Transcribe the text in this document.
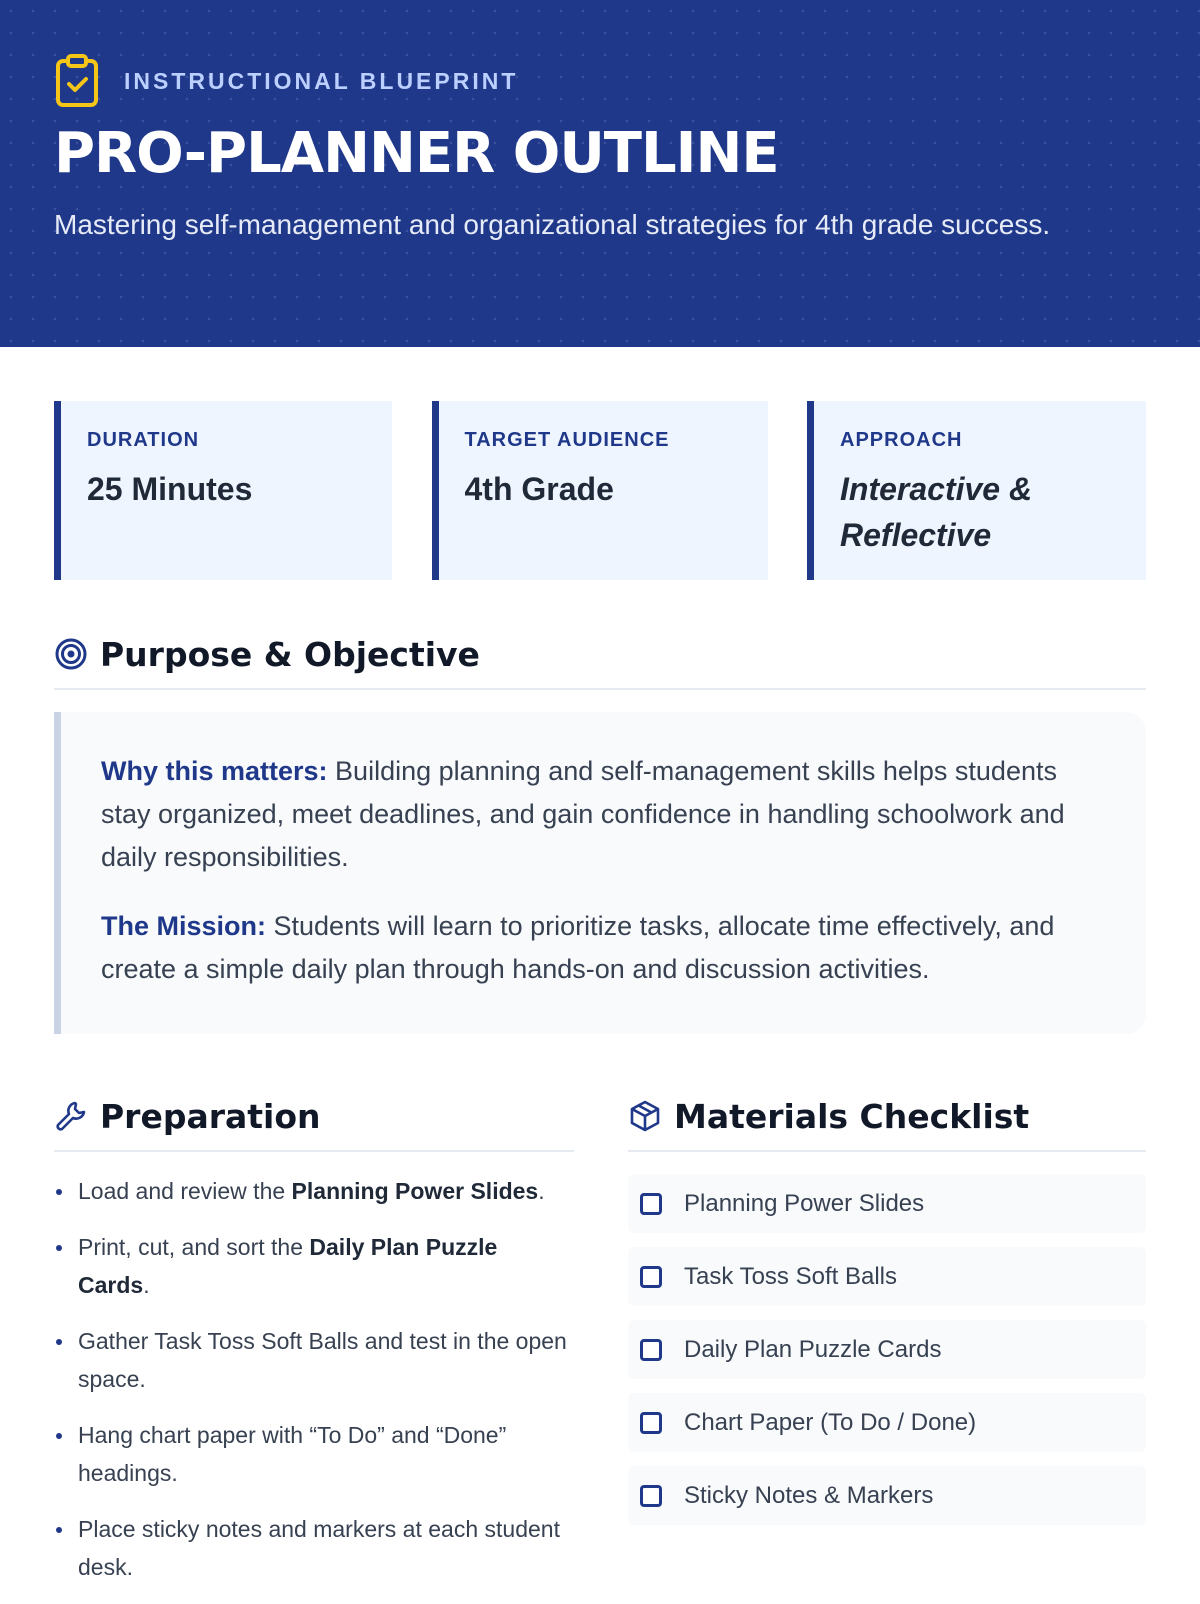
INSTRUCTIONAL BLUEPRINT
PRO-PLANNER OUTLINE

Mastering self-management and organizational strategies for 4th grade success.

DURATION
25 Minutes
TARGET AUDIENCE
4th Grade
APPROACH
Interactive & Reflective
Purpose & Objective

Why this matters: Building planning and self-management skills helps students stay organized, meet deadlines, and gain confidence in handling schoolwork and daily responsibilities.

The Mission: Students will learn to prioritize tasks, allocate time effectively, and create a simple daily plan through hands-on and discussion activities.

Preparation
Load and review the Planning Power Slides.
Print, cut, and sort the Daily Plan Puzzle Cards.
Gather Task Toss Soft Balls and test in the open space.
Hang chart paper with “To Do” and “Done” headings.
Place sticky notes and markers at each student desk.
Materials Checklist
Planning Power Slides
Task Toss Soft Balls
Daily Plan Puzzle Cards
Chart Paper (To Do / Done)
Sticky Notes & Markers
